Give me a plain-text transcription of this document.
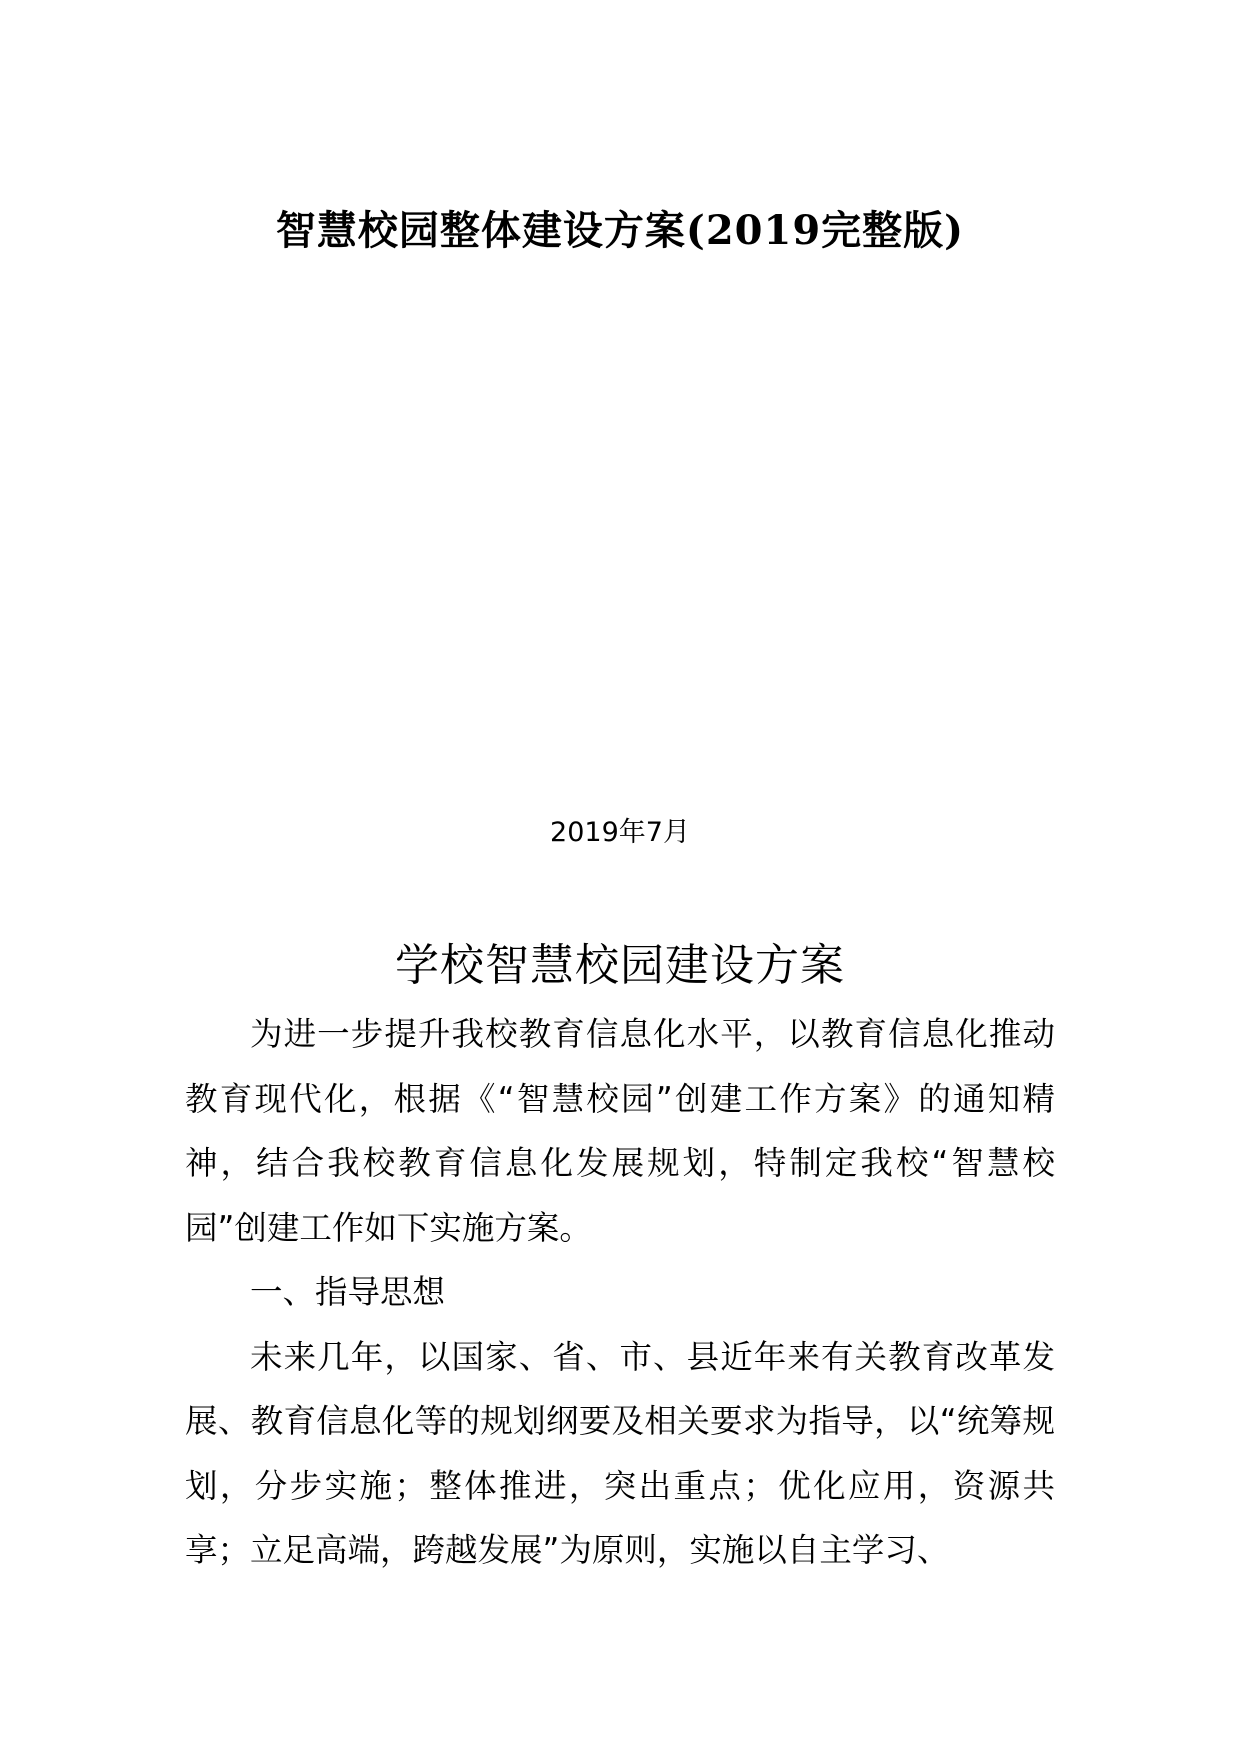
智慧校园整体建设方案(2019完整版)
2019年7月
学校智慧校园建设方案

为进一步提升我校教育信息化水平，以教育信息化推动教育现代化，根据《“智慧校园”创建工作方案》的通知精神，结合我校教育信息化发展规划，特制定我校“智慧校园”创建工作如下实施方案。

一、指导思想

未来几年，以国家、省、市、县近年来有关教育改革发展、教育信息化等的规划纲要及相关要求为指导，以“统筹规划，分步实施；整体推进，突出重点；优化应用，资源共享；立足高端，跨越发展”为原则，实施以自主学习、
